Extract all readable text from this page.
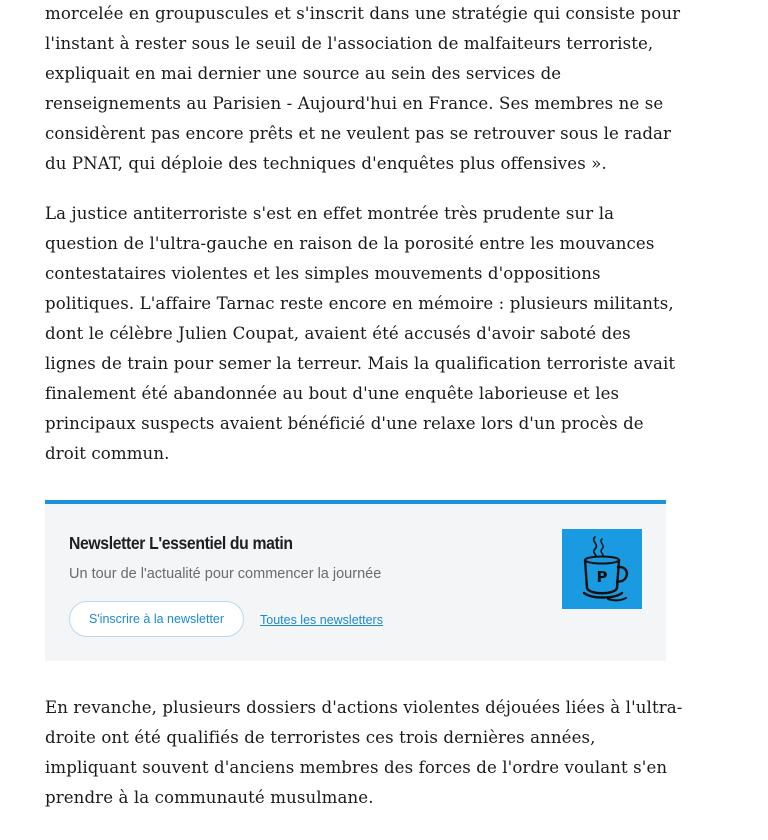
morcelée en groupuscules et s'inscrit dans une stratégie qui consiste pour l'instant à rester sous le seuil de l'association de malfaiteurs terroriste, expliquait en mai dernier une source au sein des services de renseignements au Parisien - Aujourd'hui en France. Ses membres ne se considèrent pas encore prêts et ne veulent pas se retrouver sous le radar du PNAT, qui déploie des techniques d'enquêtes plus offensives ».

La justice antiterroriste s'est en effet montrée très prudente sur la question de l'ultra-gauche en raison de la porosité entre les mouvances contestataires violentes et les simples mouvements d'oppositions politiques. L'affaire Tarnac reste encore en mémoire : plusieurs militants, dont le célèbre Julien Coupat, avaient été accusés d'avoir saboté des lignes de train pour semer la terreur. Mais la qualification terroriste avait finalement été abandonnée au bout d'une enquête laborieuse et les principaux suspects avaient bénéficié d'une relaxe lors d'un procès de droit commun.

En revanche, plusieurs dossiers d'actions violentes déjouées liées à l'ultra-droite ont été qualifiés de terroristes ces trois dernières années, impliquant souvent d'anciens membres des forces de l'ordre voulant s'en prendre à la communauté musulmane.

Newsletter L'essentiel du matin
Un tour de l'actualité pour commencer la journée
S'inscrire à la newsletter	Toutes les newsletters
P
